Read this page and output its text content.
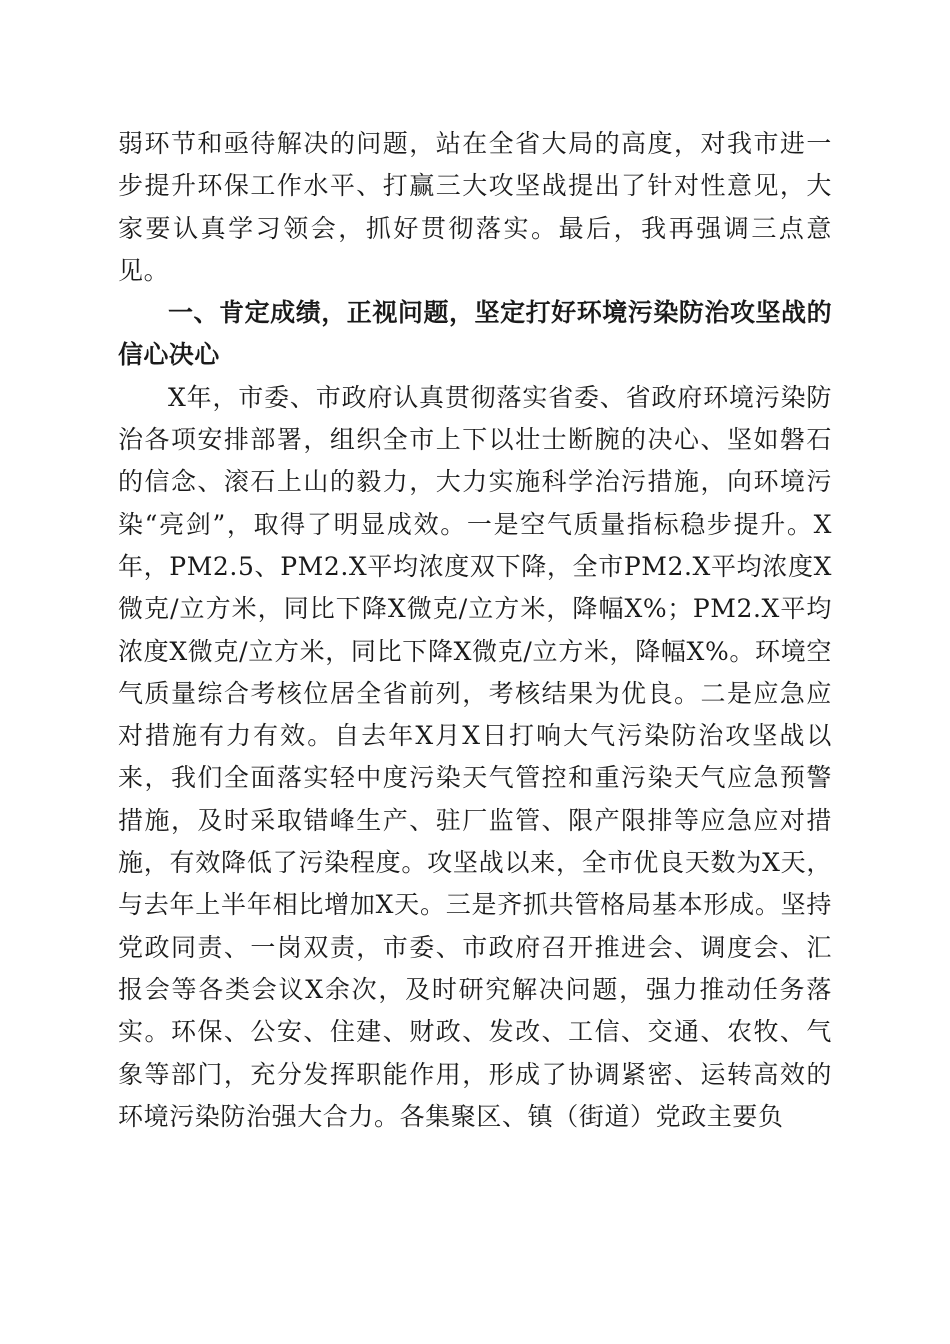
弱环节和亟待解决的问题，站在全省大局的高度，对我市进一步提升环保工作水平、打赢三大攻坚战提出了针对性意见，大家要认真学习领会，抓好贯彻落实。最后，我再强调三点意见。

一、肯定成绩，正视问题，坚定打好环境污染防治攻坚战的信心决心

X年，市委、市政府认真贯彻落实省委、省政府环境污染防治各项安排部署，组织全市上下以壮士断腕的决心、坚如磐石的信念、滚石上山的毅力，大力实施科学治污措施，向环境污染“亮剑”，取得了明显成效。一是空气质量指标稳步提升。X年，PM2.5、PM2.X平均浓度双下降，全市PM2.X平均浓度X微克/立方米，同比下降X微克/立方米，降幅X%；PM2.X平均浓度X微克/立方米，同比下降X微克/立方米，降幅X%。环境空气质量综合考核位居全省前列，考核结果为优良。二是应急应对措施有力有效。自去年X月X日打响大气污染防治攻坚战以来，我们全面落实轻中度污染天气管控和重污染天气应急预警措施，及时采取错峰生产、驻厂监管、限产限排等应急应对措施，有效降低了污染程度。攻坚战以来，全市优良天数为X天，与去年上半年相比增加X天。三是齐抓共管格局基本形成。坚持党政同责、一岗双责，市委、市政府召开推进会、调度会、汇报会等各类会议X余次，及时研究解决问题，强力推动任务落实。环保、公安、住建、财政、发改、工信、交通、农牧、气象等部门，充分发挥职能作用，形成了协调紧密、运转高效的环境污染防治强大合力。各集聚区、镇（街道）党政主要负
